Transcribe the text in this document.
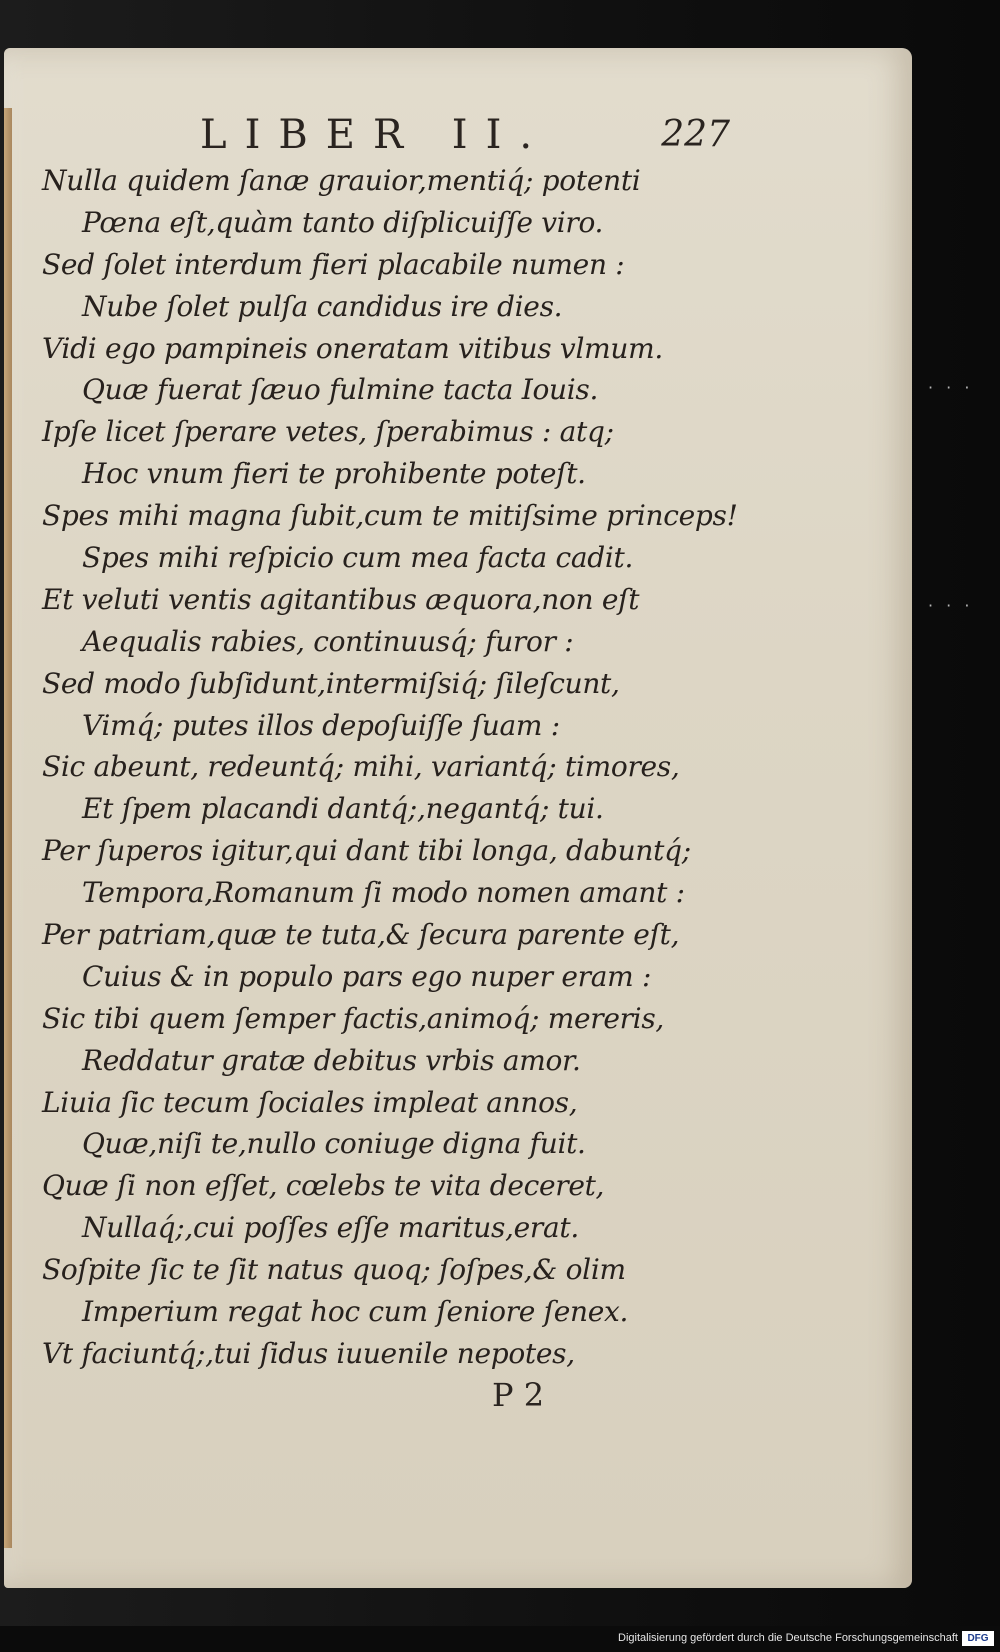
· · ·
· · ·
LIBER II.	227
Nulla quidem ſanæ grauior,mentiq́; potenti
Pœna eſt,quàm tanto diſplicuiſſe viro.
Sed ſolet interdum fieri placabile numen :
Nube ſolet pulſa candidus ire dies.
Vidi ego pampineis oneratam vitibus vlmum.
Quæ fuerat ſæuo fulmine tacta Iouis.
Ipſe licet ſperare vetes, ſperabimus : atq;
Hoc vnum fieri te prohibente poteſt.
Spes mihi magna ſubit,cum te mitiſsime princeps!
Spes mihi reſpicio cum mea facta cadit.
Et veluti ventis agitantibus æquora,non eſt
Aequalis rabies, continuusq́; furor :
Sed modo ſubſidunt,intermiſsiq́; ſileſcunt,
Vimq́; putes illos depoſuiſſe ſuam :
Sic abeunt, redeuntq́; mihi, variantq́; timores,
Et ſpem placandi dantq́;,negantq́; tui.
Per ſuperos igitur,qui dant tibi longa, dabuntq́;
Tempora,Romanum ſi modo nomen amant :
Per patriam,quæ te tuta,& ſecura parente eſt,
Cuius & in populo pars ego nuper eram :
Sic tibi quem ſemper factis,animoq́; mereris,
Reddatur gratæ debitus vrbis amor.
Liuia ſic tecum ſociales impleat annos,
Quæ,niſi te,nullo coniuge digna fuit.
Quæ ſi non eſſet, cœlebs te vita deceret,
Nullaq́;,cui poſſes eſſe maritus,erat.
Soſpite ſic te ſit natus quoq; ſoſpes,& olim
Imperium regat hoc cum ſeniore ſenex.
Vt faciuntq́;,tui ſidus iuuenile nepotes,
P 2
Digitalisierung gefördert durch die Deutsche Forschungsgemeinschaft DFG
